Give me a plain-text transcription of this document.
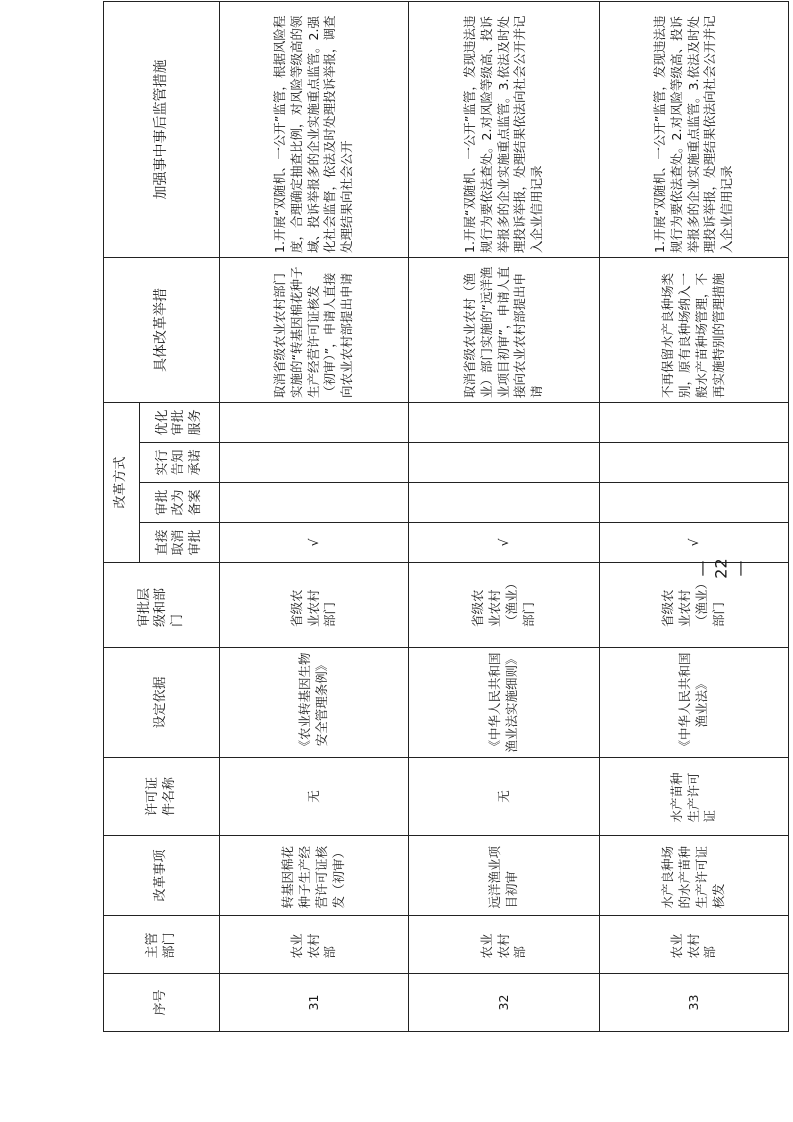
序号	主管部门	改革事项	许可证件名称	设定依据	审批层级和部门	改革方式				具体改革举措	加强事中事后监管措施
						直接取消审批	审批改为备案	实行告知承诺	优化审批服务		
31	农业农村部	转基因棉花种子生产经营许可证核发（初审）	无	《农业转基因生物安全管理条例》	省级农业农村部门	√				取消省级农业农村部门实施的“转基因棉花种子生产经营许可证核发（初审）”，申请人直接向农业农村部提出申请	1.开展“双随机、一公开”监管，根据风险程度，合理确定抽查比例，对风险等级高的领域、投诉举报多的企业实施重点监管。2.强化社会监督，依法及时处理投诉举报，调查处理结果向社会公开
32	农业农村部	远洋渔业项目初审	无	《中华人民共和国渔业法实施细则》	省级农业农村（渔业）部门	√				取消省级农业农村（渔业）部门实施的“远洋渔业项目初审”，申请人直接向农业农村部提出申请	1.开展“双随机、一公开”监管，发现违法违规行为要依法查处。2.对风险等级高、投诉举报多的企业实施重点监管。3.依法及时处理投诉举报，处理结果依法向社会公开并记入企业信用记录
33	农业农村部	水产良种场的水产苗种生产许可证核发	水产苗种生产许可证	《中华人民共和国渔业法》	省级农业农村（渔业）部门	√				不再保留水产良种场类别，原有良种场纳入一般水产苗种场管理，不再实施特别的管理措施	1.开展“双随机、一公开”监管，发现违法违规行为要依法查处。2.对风险等级高、投诉举报多的企业实施重点监管。3.依法及时处理投诉举报，处理结果依法向社会公开并记入企业信用记录
— 22 —
